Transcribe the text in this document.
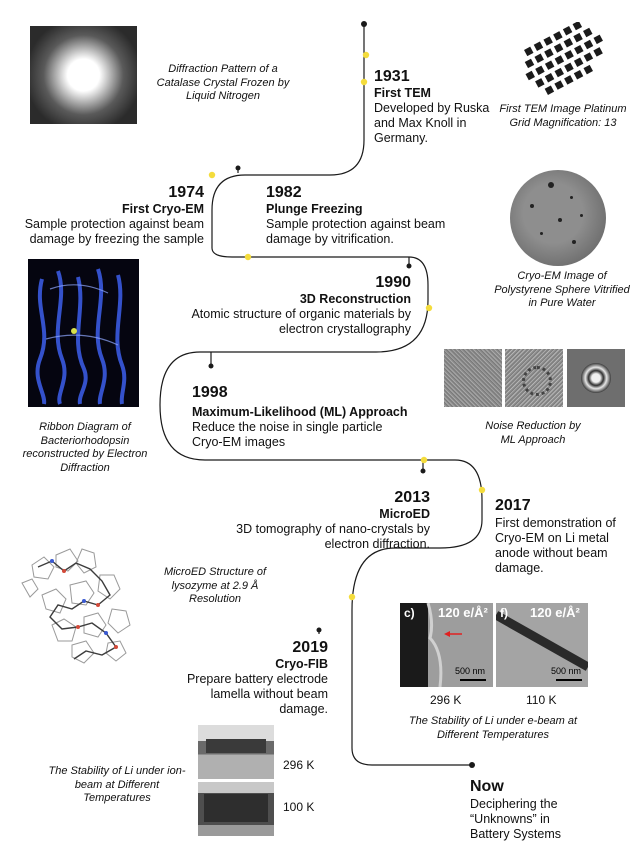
Diffraction Pattern of a Catalase Crystal Frozen by Liquid Nitrogen
1931
First TEM
Developed by Ruska and Max Knoll in Germany.
First TEM Image Platinum Grid Magnification: 13
1974
First Cryo-EM
Sample protection against beam damage by freezing the sample
1982
Plunge Freezing
Sample protection against beam damage by vitrification.
Cryo-EM Image of Polystyrene Sphere Vitrified in Pure Water
Ribbon Diagram of Bacteriorhodopsin reconstructed by Electron Diffraction
1990
3D Reconstruction
Atomic structure of organic materials by electron crystallography
Noise Reduction by ML Approach
1998
Maximum-Likelihood (ML) Approach
Reduce the noise in single particle Cryo-EM images
2013
MicroED
3D tomography of nano-crystals by electron diffraction.
2017
First demonstration of Cryo-EM on Li metal anode without beam damage.
MicroED Structure of lysozyme at 2.9 Å Resolution
c) 120 e/Å²
500 nm
f) 120 e/Å²
500 nm
296 K	110 K
The Stability of Li under e-beam at Different Temperatures
2019
Cryo-FIB
Prepare battery electrode lamella without beam damage.
296 K
100 K
The Stability of Li under ion-beam at Different Temperatures
Now
Deciphering the “Unknowns” in Battery Systems
